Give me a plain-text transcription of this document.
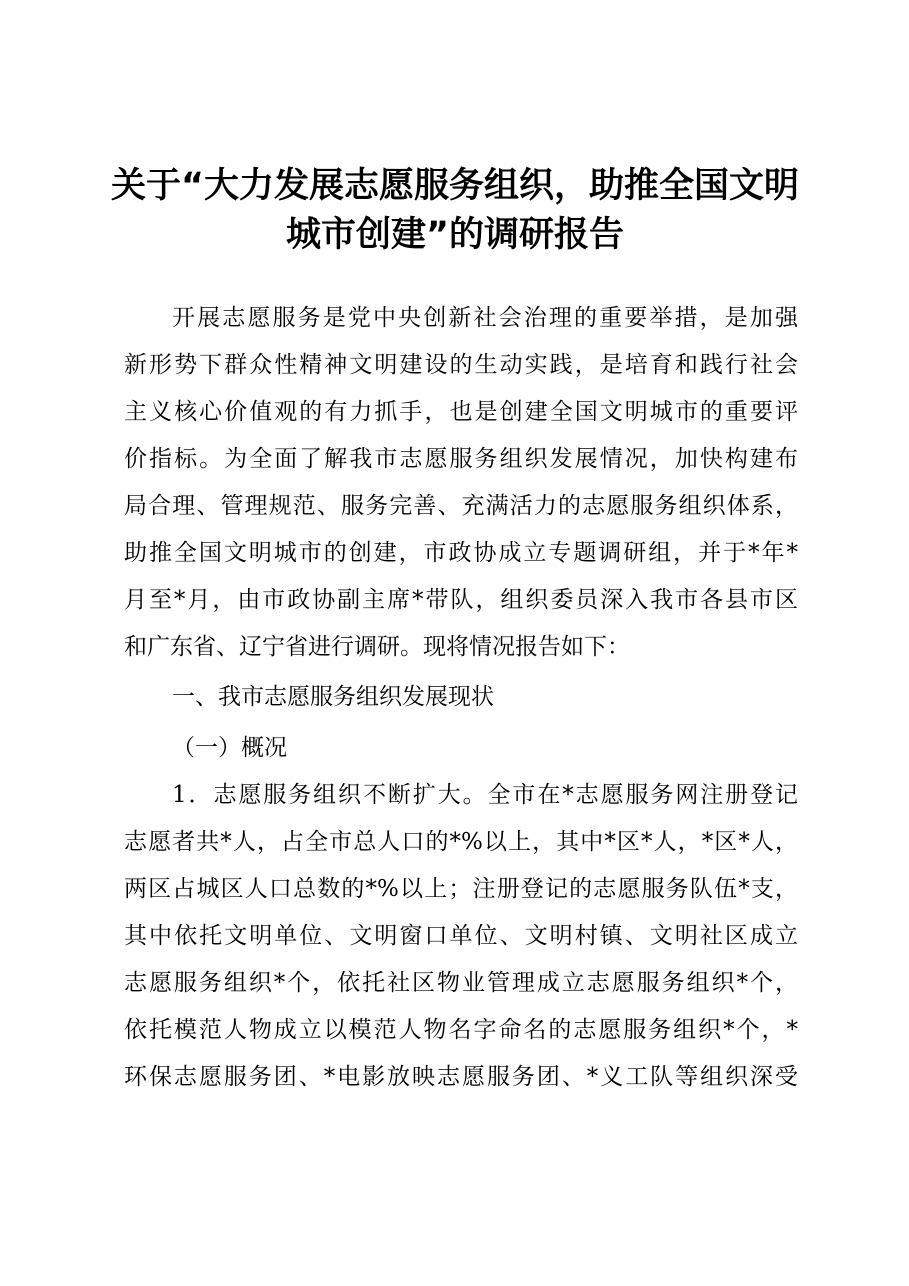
关于“大力发展志愿服务组织，助推全国文明
城市创建”的调研报告

开展志愿服务是党中央创新社会治理的重要举措，是加强

新形势下群众性精神文明建设的生动实践，是培育和践行社会

主义核心价值观的有力抓手，也是创建全国文明城市的重要评

价指标。为全面了解我市志愿服务组织发展情况，加快构建布

局合理、管理规范、服务完善、充满活力的志愿服务组织体系，

助推全国文明城市的创建，市政协成立专题调研组，并于*年*

月至*月，由市政协副主席*带队，组织委员深入我市各县市区

和广东省、辽宁省进行调研。现将情况报告如下：

一、我市志愿服务组织发展现状

（一）概况

1．志愿服务组织不断扩大。全市在*志愿服务网注册登记

志愿者共*人，占全市总人口的*%以上，其中*区*人，*区*人，

两区占城区人口总数的*%以上；注册登记的志愿服务队伍*支，

其中依托文明单位、文明窗口单位、文明村镇、文明社区成立

志愿服务组织*个，依托社区物业管理成立志愿服务组织*个，

依托模范人物成立以模范人物名字命名的志愿服务组织*个，*

环保志愿服务团、*电影放映志愿服务团、*义工队等组织深受
